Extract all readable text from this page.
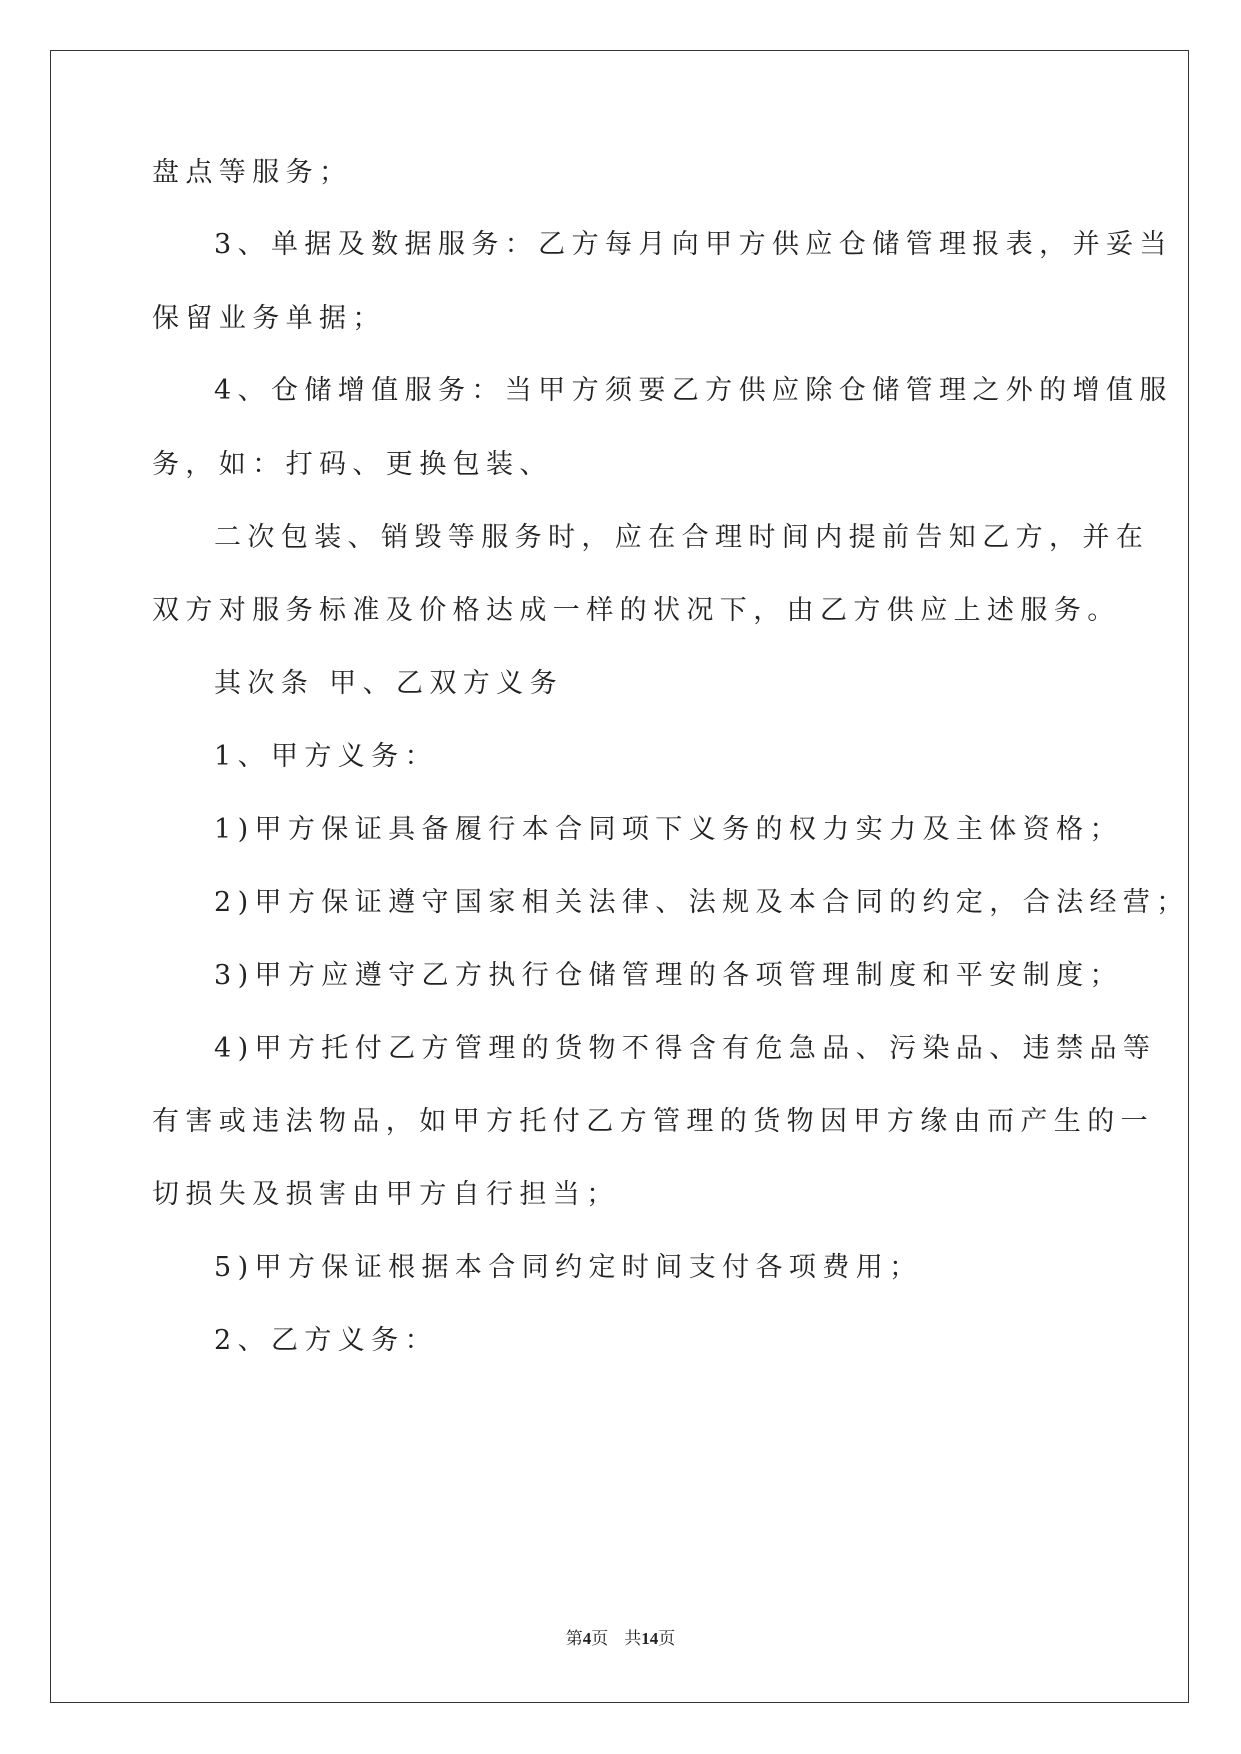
盘点等服务；
3、单据及数据服务：乙方每月向甲方供应仓储管理报表，并妥当
保留业务单据；
4、仓储增值服务：当甲方须要乙方供应除仓储管理之外的增值服
务，如：打码、更换包装、
二次包装、销毁等服务时，应在合理时间内提前告知乙方，并在
双方对服务标准及价格达成一样的状况下，由乙方供应上述服务。
其次条 甲、乙双方义务
1、甲方义务：
1)甲方保证具备履行本合同项下义务的权力实力及主体资格；
2)甲方保证遵守国家相关法律、法规及本合同的约定，合法经营；
3)甲方应遵守乙方执行仓储管理的各项管理制度和平安制度；
4)甲方托付乙方管理的货物不得含有危急品、污染品、违禁品等
有害或违法物品，如甲方托付乙方管理的货物因甲方缘由而产生的一
切损失及损害由甲方自行担当；
5)甲方保证根据本合同约定时间支付各项费用；
2、乙方义务：
第4页 共14页
